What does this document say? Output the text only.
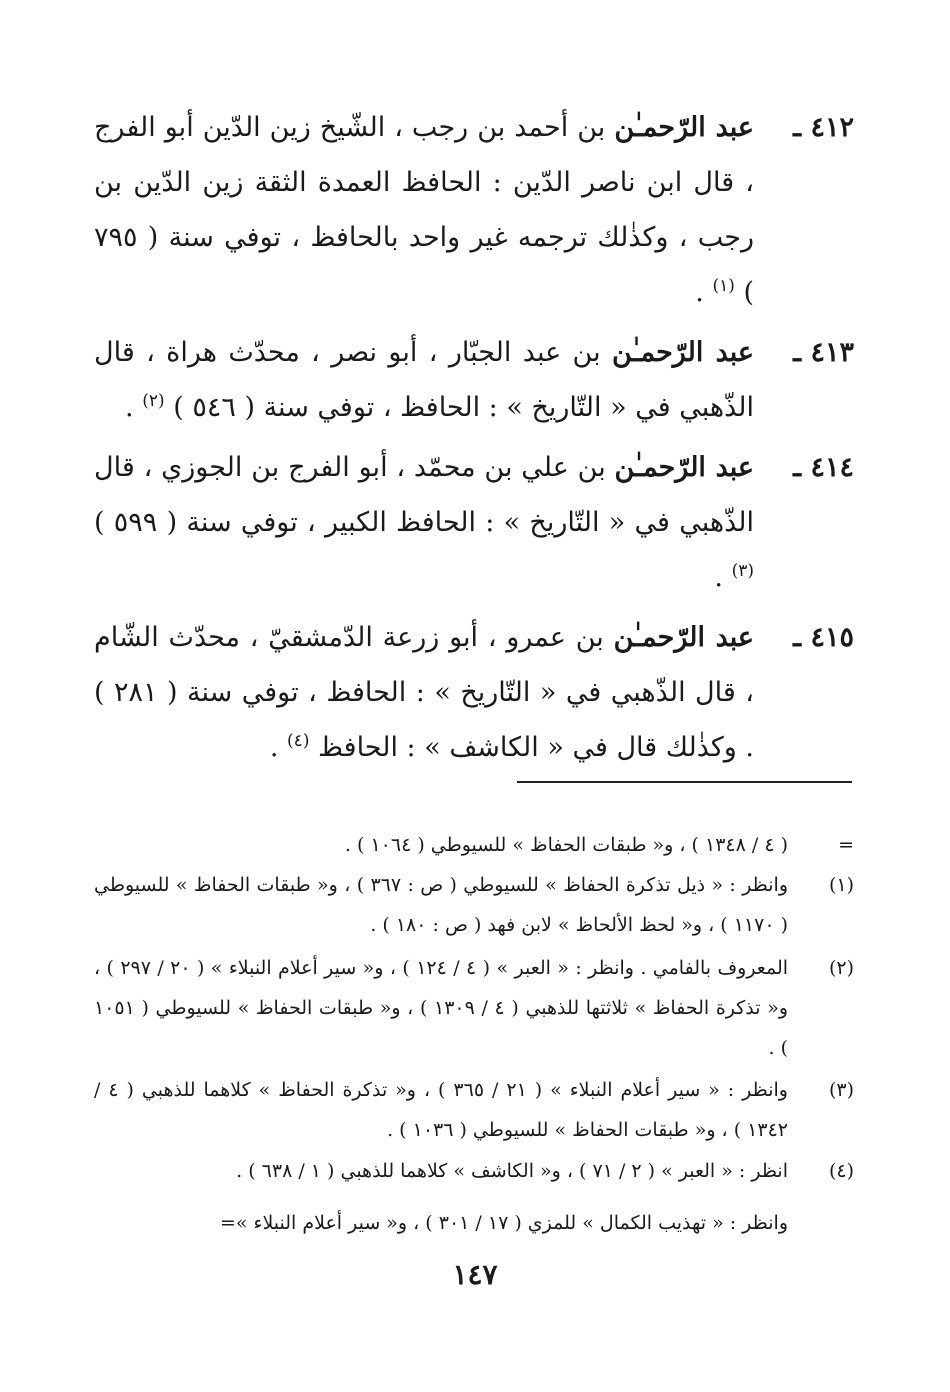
٤١٢ ـ
عبد الرّحمـٰن بن أحمد بن رجب ، الشّيخ زين الدّين أبو الفرج ، قال ابن ناصر الدّين : الحافظ العمدة الثقة زين الدّين بن رجب ، وكذٰلك ترجمه غير واحد بالحافظ ، توفي سنة ( ٧٩٥ ) $^{(١)}$ .
٤١٣ ـ
عبد الرّحمـٰن بن عبد الجبّار ، أبو نصر ، محدّث هراة ، قال الذّهبي في « التّاريخ » : الحافظ ، توفي سنة ( ٥٤٦ ) $^{(٢)}$ .
٤١٤ ـ
عبد الرّحمـٰن بن علي بن محمّد ، أبو الفرج بن الجوزي ، قال الذّهبي في « التّاريخ » : الحافظ الكبير ، توفي سنة ( ٥٩٩ ) $^{(٣)}$ .
٤١٥ ـ
عبد الرّحمـٰن بن عمرو ، أبو زرعة الدّمشقيّ ، محدّث الشّام ، قال الذّهبي في « التّاريخ » : الحافظ ، توفي سنة ( ٢٨١ ) . وكذٰلك قال في « الكاشف » : الحافظ $^{(٤)}$ .
=
( ٤ / ١٣٤٨ ) ، و« طبقات الحفاظ » للسيوطي ( ١٠٦٤ ) .
(١)
وانظر : « ذيل تذكرة الحفاظ » للسيوطي ( ص : ٣٦٧ ) ، و« طبقات الحفاظ » للسيوطي ( ١١٧٠ ) ، و« لحظ الألحاظ » لابن فهد ( ص : ١٨٠ ) .
(٢)
المعروف بالفامي . وانظر : « العبر » ( ٤ / ١٢٤ ) ، و« سير أعلام النبلاء » ( ٢٠ / ٢٩٧ ) ، و« تذكرة الحفاظ » ثلاثتها للذهبي ( ٤ / ١٣٠٩ ) ، و« طبقات الحفاظ » للسيوطي ( ١٠٥١ ) .
(٣)
وانظر : « سير أعلام النبلاء » ( ٢١ / ٣٦٥ ) ، و« تذكرة الحفاظ » كلاهما للذهبي ( ٤ / ١٣٤٢ ) ، و« طبقات الحفاظ » للسيوطي ( ١٠٣٦ ) .
(٤)
انظر : « العبر » ( ٢ / ٧١ ) ، و« الكاشف » كلاهما للذهبي ( ١ / ٦٣٨ ) .
وانظر : « تهذيب الكمال » للمزي ( ١٧ / ٣٠١ ) ، و« سير أعلام النبلاء »=
١٤٧
